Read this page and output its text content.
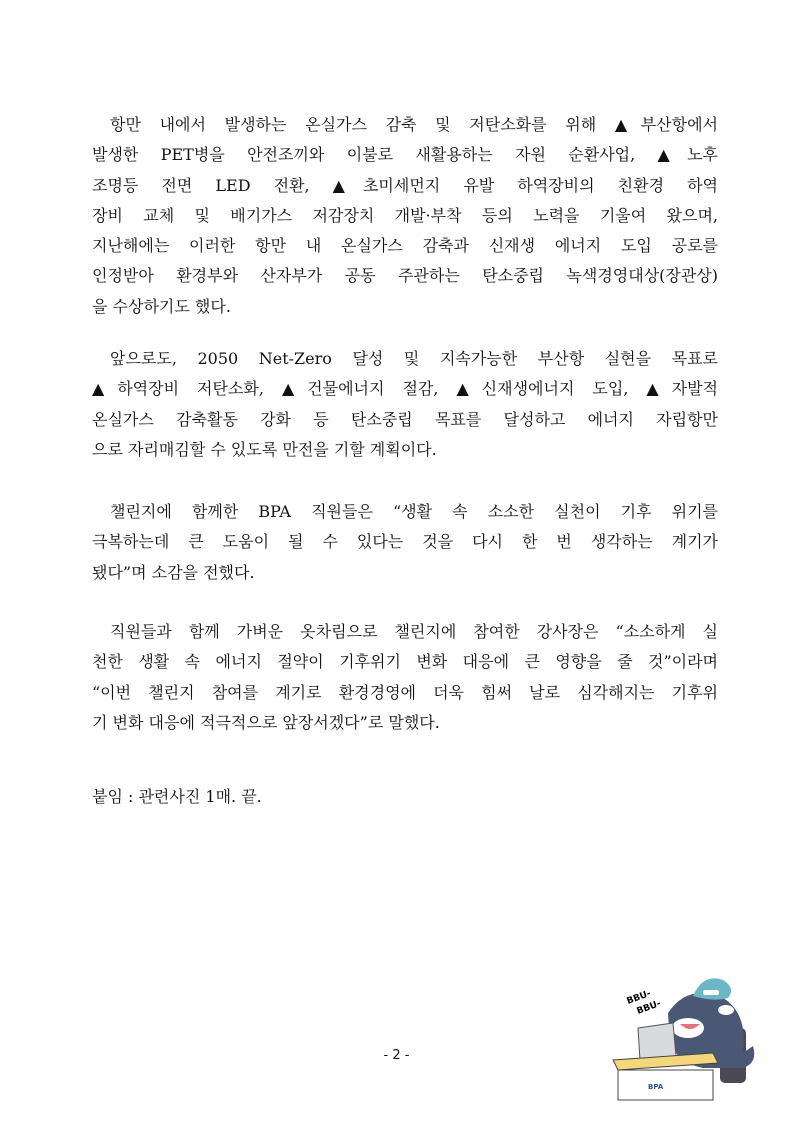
항만 내에서 발생하는 온실가스 감축 및 저탄소화를 위해 ▲부산항에서
발생한 PET병을 안전조끼와 이불로 새활용하는 자원 순환사업, ▲노후
조명등 전면 LED 전환, ▲초미세먼지 유발 하역장비의 친환경 하역
장비 교체 및 배기가스 저감장치 개발·부착 등의 노력을 기울여 왔으며,
지난해에는 이러한 항만 내 온실가스 감축과 신재생 에너지 도입 공로를
인정받아 환경부와 산자부가 공동 주관하는 탄소중립 녹색경영대상(장관상)
을 수상하기도 했다.
앞으로도, 2050 Net-Zero 달성 및 지속가능한 부산항 실현을 목표로
▲하역장비 저탄소화, ▲건물에너지 절감, ▲신재생에너지 도입, ▲자발적
온실가스 감축활동 강화 등 탄소중립 목표를 달성하고 에너지 자립항만
으로 자리매김할 수 있도록 만전을 기할 계획이다.
챌린지에 함께한 BPA 직원들은 “생활 속 소소한 실천이 기후 위기를
극복하는데 큰 도움이 될 수 있다는 것을 다시 한 번 생각하는 계기가
됐다”며 소감을 전했다.
직원들과 함께 가벼운 옷차림으로 챌린지에 참여한 강사장은 “소소하게 실
천한 생활 속 에너지 절약이 기후위기 변화 대응에 큰 영향을 줄 것”이라며
“이번 챌린지 참여를 계기로 환경경영에 더욱 힘써 날로 심각해지는 기후위
기 변화 대응에 적극적으로 앞장서겠다”로 말했다.
붙임 : 관련사진 1매. 끝.
- 2 -
BBU-
BBU-
BPA
